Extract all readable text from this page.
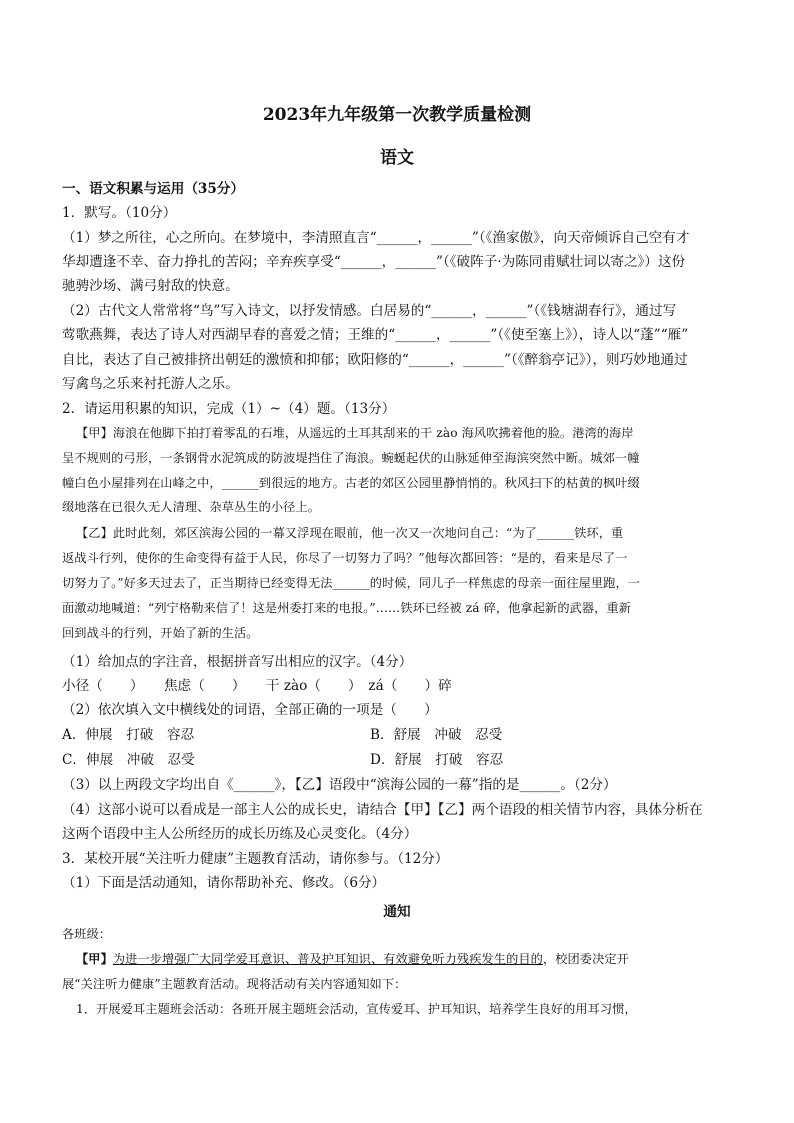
2023年九年级第一次教学质量检测
语文
一、语文积累与运用（35分）
1．默写。（10分）
（1）梦之所往，心之所向。在梦境中，李清照直言“______，______”（《渔家傲》，向天帝倾诉自己空有才
华却遭逢不幸、奋力挣扎的苦闷；辛弃疾享受“______，______”（《破阵子·为陈同甫赋壮词以寄之》）这份
驰骋沙场、满弓射敌的快意。
（2）古代文人常常将“鸟”写入诗文，以抒发情感。白居易的“______，______”（《钱塘湖春行》，通过写
莺歌燕舞，表达了诗人对西湖早春的喜爱之情；王维的“______，______”（《使至塞上》），诗人以“蓬”“雁”
自比，表达了自己被排挤出朝廷的激愤和抑郁；欧阳修的“______，______”（《醉翁亭记》），则巧妙地通过
写禽鸟之乐来衬托游人之乐。
2．请运用积累的知识，完成（1）~（4）题。（13分）
【甲】海浪在他脚下拍打着零乱的石堆，从遥远的土耳其刮来的干 zào 海风吹拂着他的脸。港湾的海岸
呈不规则的弓形，一条钢骨水泥筑成的防波堤挡住了海浪。蜿蜒起伏的山脉延伸至海滨突然中断。城郊一幢
幢白色小屋排列在山峰之中，______到很远的地方。古老的郊区公园里静悄悄的。秋风扫下的枯黄的枫叶缀
缀地落在已很久无人清理、杂草丛生的小径上。
【乙】此时此刻，郊区滨海公园的一幕又浮现在眼前，他一次又一次地问自己：“为了______铁环，重
返战斗行列，使你的生命变得有益于人民，你尽了一切努力了吗？”他每次都回答：“是的，看来是尽了一
切努力了。”好多天过去了，正当期待已经变得无法______的时候，同儿子一样焦虑的母亲一面往屋里跑，一
面激动地喊道：“列宁格勒来信了！这是州委打来的电报。”……铁环已经被 zá 碎，他拿起新的武器，重新
回到战斗的行列，开始了新的生活。
（1）给加点的字注音，根据拼音写出相应的汉字。（4分）
小径（　　）　　焦虑（　　）　　干 zào（　　）　zá（　　）碎
（2）依次填入文中横线处的词语，全部正确的一项是（　　）
A．伸展　打破　容忍	B．舒展　冲破　忍受
C．伸展　冲破　忍受	D．舒展　打破　容忍
（3）以上两段文字均出自《______》，【乙】语段中“滨海公园的一幕”指的是______。（2分）
（4）这部小说可以看成是一部主人公的成长史，请结合【甲】【乙】两个语段的相关情节内容，具体分析在
这两个语段中主人公所经历的成长历练及心灵变化。（4分）
3．某校开展“关注听力健康”主题教育活动，请你参与。（12分）
（1）下面是活动通知，请你帮助补充、修改。（6分）
通知
各班级：
【甲】为进一步增强广大同学爱耳意识、普及护耳知识、有效避免听力残疾发生的目的，校团委决定开
展“关注听力健康”主题教育活动。现将活动有关内容通知如下：
1．开展爱耳主题班会活动：各班开展主题班会活动，宣传爱耳、护耳知识，培养学生良好的用耳习惯，
